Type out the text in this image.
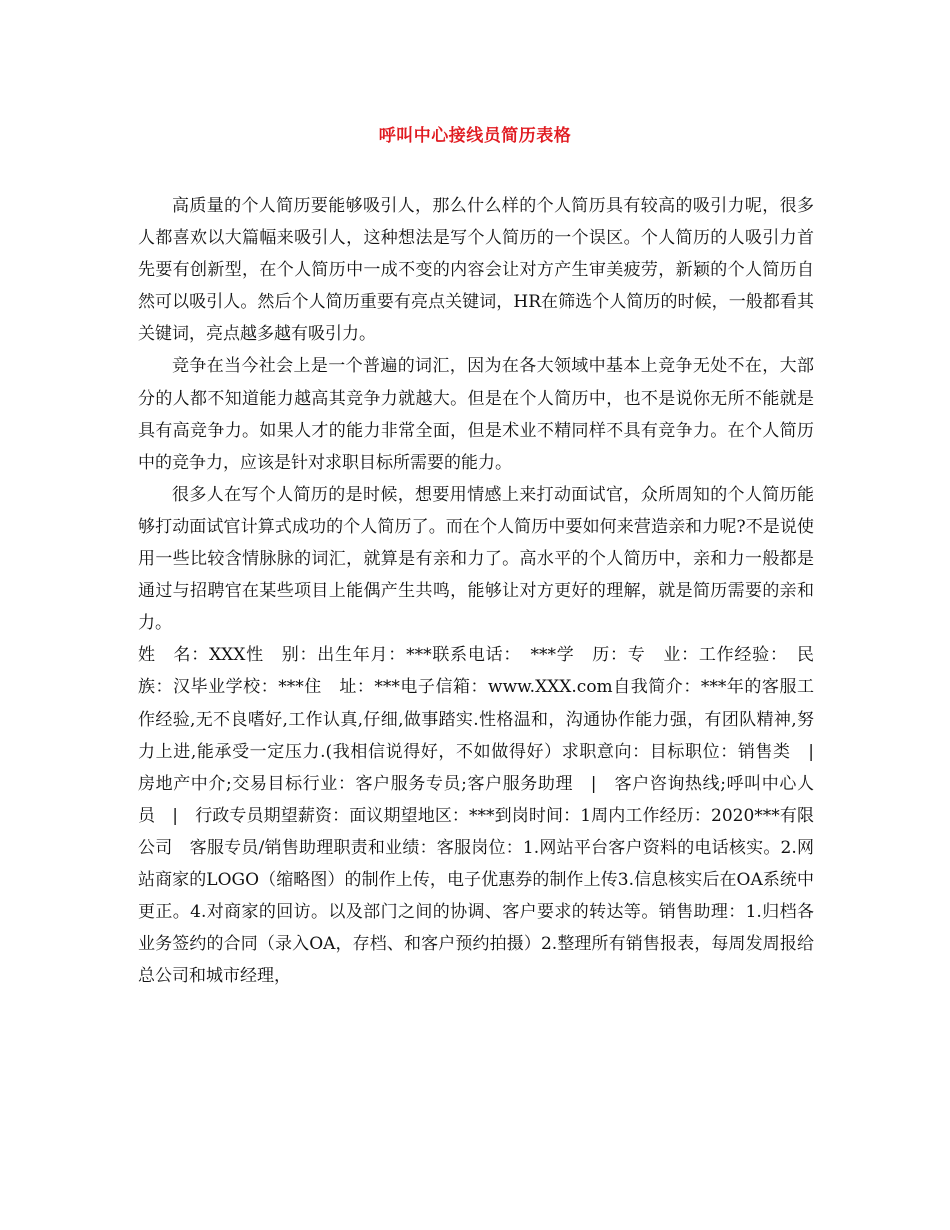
呼叫中心接线员简历表格

高质量的个人简历要能够吸引人，那么什么样的个人简历具有较高的吸引力呢，很多人都喜欢以大篇幅来吸引人，这种想法是写个人简历的一个误区。个人简历的人吸引力首先要有创新型，在个人简历中一成不变的内容会让对方产生审美疲劳，新颖的个人简历自然可以吸引人。然后个人简历重要有亮点关键词，HR在筛选个人简历的时候，一般都看其关键词，亮点越多越有吸引力。

竞争在当今社会上是一个普遍的词汇，因为在各大领域中基本上竞争无处不在，大部分的人都不知道能力越高其竞争力就越大。但是在个人简历中，也不是说你无所不能就是具有高竞争力。如果人才的能力非常全面，但是术业不精同样不具有竞争力。在个人简历中的竞争力，应该是针对求职目标所需要的能力。

很多人在写个人简历的是时候，想要用情感上来打动面试官，众所周知的个人简历能够打动面试官计算式成功的个人简历了。而在个人简历中要如何来营造亲和力呢?不是说使用一些比较含情脉脉的词汇，就算是有亲和力了。高水平的个人简历中，亲和力一般都是通过与招聘官在某些项目上能偶产生共鸣，能够让对方更好的理解，就是简历需要的亲和力。

姓　名：XXX性　别：出生年月：***联系电话：　***学　历：专　业：工作经验：　民族：汉毕业学校：***住　址：***电子信箱：www.XXX.com自我简介：***年的客服工作经验,无不良嗜好,工作认真,仔细,做事踏实.性格温和，沟通协作能力强，有团队精神,努力上进,能承受一定压力.(我相信说得好，不如做得好）求职意向：目标职位：销售类　|　房地产中介;交易目标行业：客户服务专员;客户服务助理　|　客户咨询热线;呼叫中心人员　|　行政专员期望薪资：面议期望地区：***到岗时间：1周内工作经历：2020***有限公司　客服专员/销售助理职责和业绩：客服岗位：1.网站平台客户资料的电话核实。2.网站商家的LOGO（缩略图）的制作上传，电子优惠券的制作上传3.信息核实后在OA系统中更正。4.对商家的回访。以及部门之间的协调、客户要求的转达等。销售助理：1.归档各业务签约的合同（录入OA，存档、和客户预约拍摄）2.整理所有销售报表，每周发周报给总公司和城市经理，
